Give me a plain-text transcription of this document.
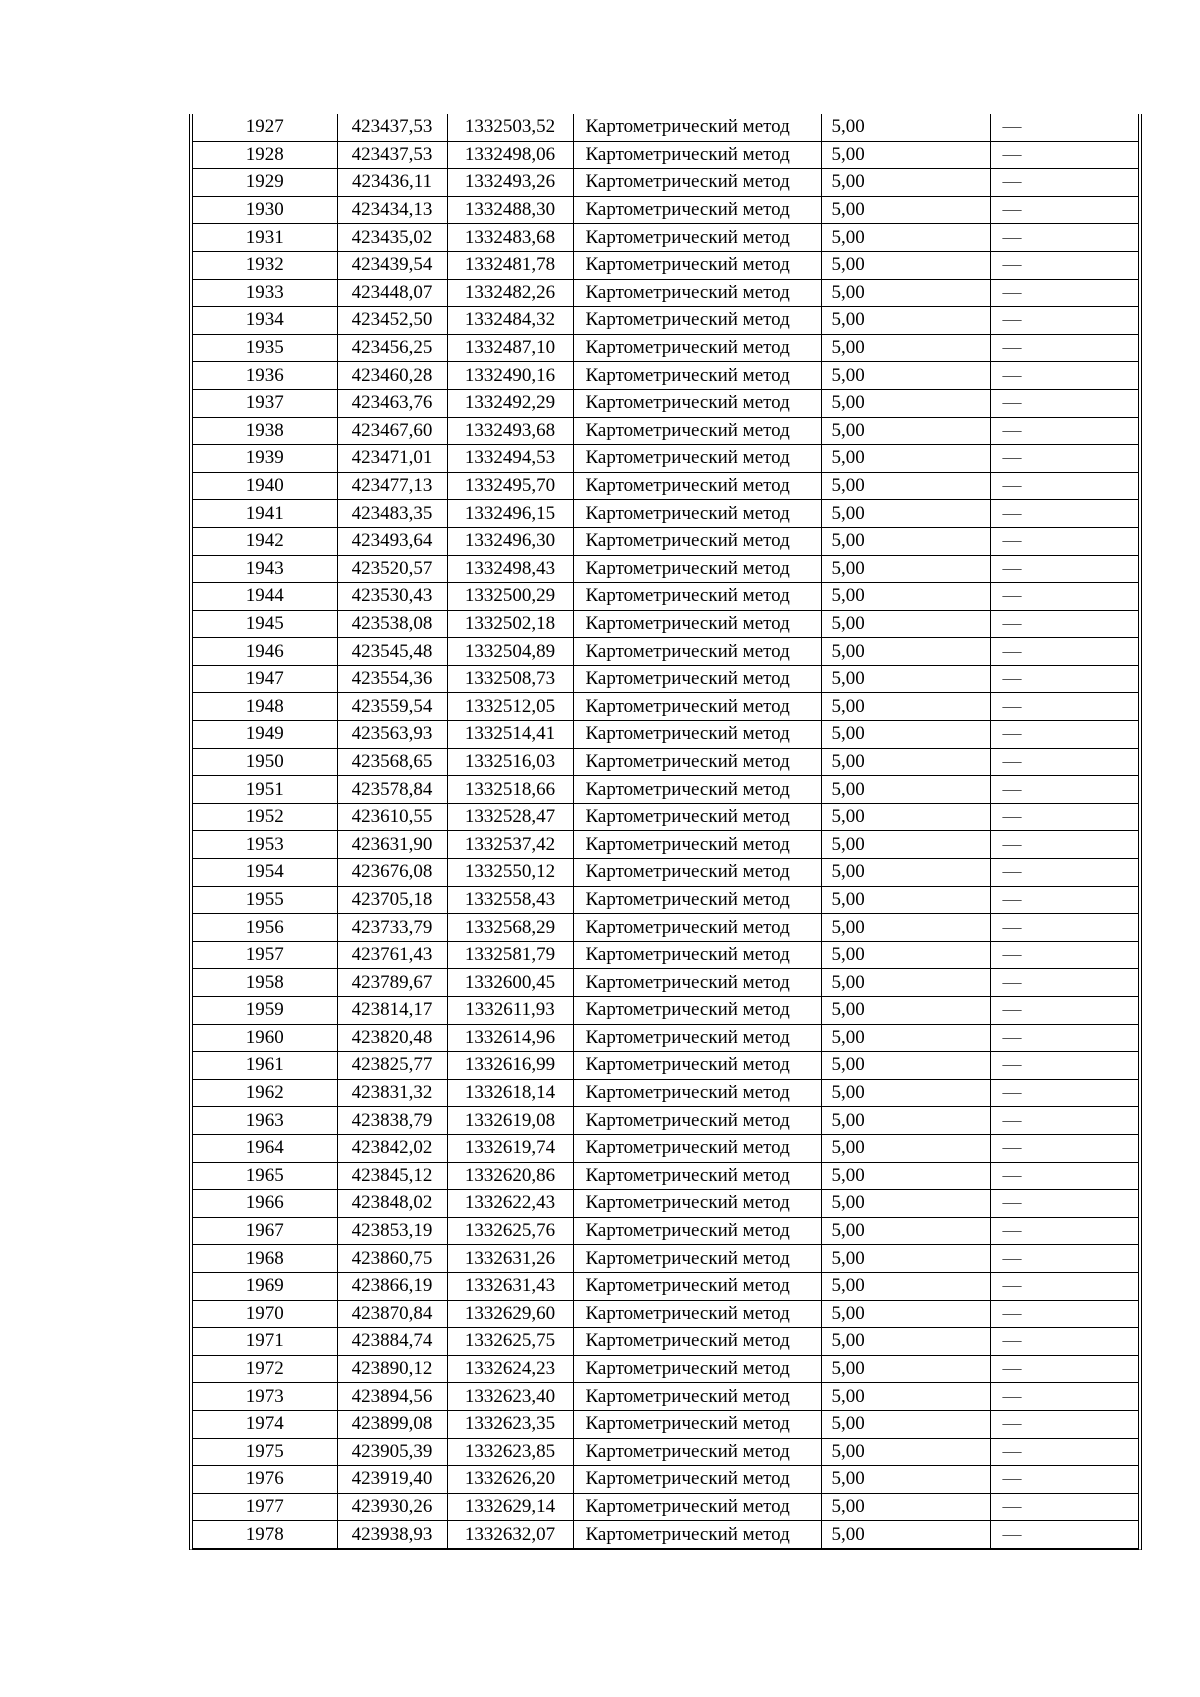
1927	423437,53	1332503,52	Картометрический метод	5,00	—
1928	423437,53	1332498,06	Картометрический метод	5,00	—
1929	423436,11	1332493,26	Картометрический метод	5,00	—
1930	423434,13	1332488,30	Картометрический метод	5,00	—
1931	423435,02	1332483,68	Картометрический метод	5,00	—
1932	423439,54	1332481,78	Картометрический метод	5,00	—
1933	423448,07	1332482,26	Картометрический метод	5,00	—
1934	423452,50	1332484,32	Картометрический метод	5,00	—
1935	423456,25	1332487,10	Картометрический метод	5,00	—
1936	423460,28	1332490,16	Картометрический метод	5,00	—
1937	423463,76	1332492,29	Картометрический метод	5,00	—
1938	423467,60	1332493,68	Картометрический метод	5,00	—
1939	423471,01	1332494,53	Картометрический метод	5,00	—
1940	423477,13	1332495,70	Картометрический метод	5,00	—
1941	423483,35	1332496,15	Картометрический метод	5,00	—
1942	423493,64	1332496,30	Картометрический метод	5,00	—
1943	423520,57	1332498,43	Картометрический метод	5,00	—
1944	423530,43	1332500,29	Картометрический метод	5,00	—
1945	423538,08	1332502,18	Картометрический метод	5,00	—
1946	423545,48	1332504,89	Картометрический метод	5,00	—
1947	423554,36	1332508,73	Картометрический метод	5,00	—
1948	423559,54	1332512,05	Картометрический метод	5,00	—
1949	423563,93	1332514,41	Картометрический метод	5,00	—
1950	423568,65	1332516,03	Картометрический метод	5,00	—
1951	423578,84	1332518,66	Картометрический метод	5,00	—
1952	423610,55	1332528,47	Картометрический метод	5,00	—
1953	423631,90	1332537,42	Картометрический метод	5,00	—
1954	423676,08	1332550,12	Картометрический метод	5,00	—
1955	423705,18	1332558,43	Картометрический метод	5,00	—
1956	423733,79	1332568,29	Картометрический метод	5,00	—
1957	423761,43	1332581,79	Картометрический метод	5,00	—
1958	423789,67	1332600,45	Картометрический метод	5,00	—
1959	423814,17	1332611,93	Картометрический метод	5,00	—
1960	423820,48	1332614,96	Картометрический метод	5,00	—
1961	423825,77	1332616,99	Картометрический метод	5,00	—
1962	423831,32	1332618,14	Картометрический метод	5,00	—
1963	423838,79	1332619,08	Картометрический метод	5,00	—
1964	423842,02	1332619,74	Картометрический метод	5,00	—
1965	423845,12	1332620,86	Картометрический метод	5,00	—
1966	423848,02	1332622,43	Картометрический метод	5,00	—
1967	423853,19	1332625,76	Картометрический метод	5,00	—
1968	423860,75	1332631,26	Картометрический метод	5,00	—
1969	423866,19	1332631,43	Картометрический метод	5,00	—
1970	423870,84	1332629,60	Картометрический метод	5,00	—
1971	423884,74	1332625,75	Картометрический метод	5,00	—
1972	423890,12	1332624,23	Картометрический метод	5,00	—
1973	423894,56	1332623,40	Картометрический метод	5,00	—
1974	423899,08	1332623,35	Картометрический метод	5,00	—
1975	423905,39	1332623,85	Картометрический метод	5,00	—
1976	423919,40	1332626,20	Картометрический метод	5,00	—
1977	423930,26	1332629,14	Картометрический метод	5,00	—
1978	423938,93	1332632,07	Картометрический метод	5,00	—
